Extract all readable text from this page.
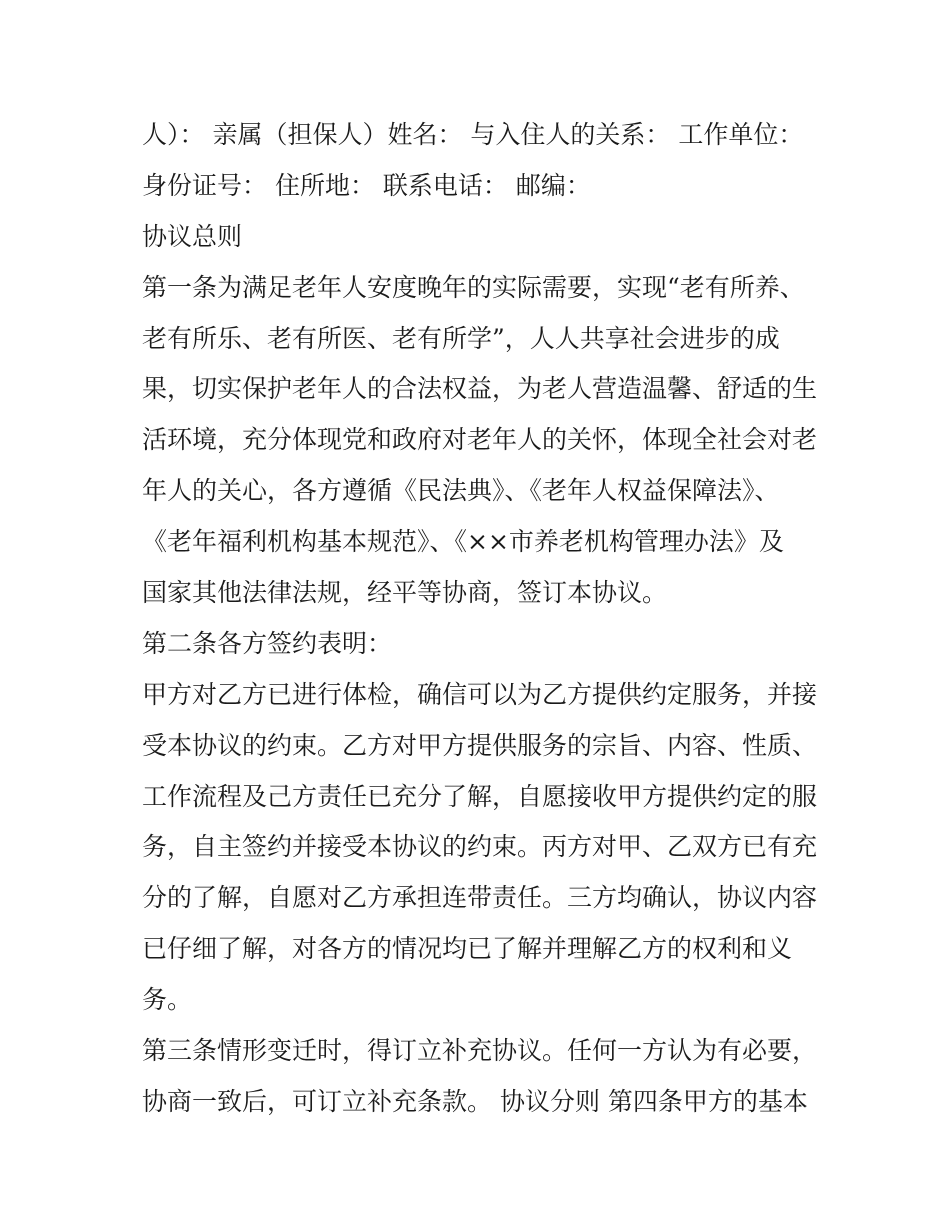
人）： 亲属（担保人）姓名： 与入住人的关系： 工作单位：
身份证号： 住所地： 联系电话： 邮编：
协议总则
第一条为满足老年人安度晚年的实际需要，实现“老有所养、
老有所乐、老有所医、老有所学”，人人共享社会进步的成
果，切实保护老年人的合法权益，为老人营造温馨、舒适的生
活环境，充分体现党和政府对老年人的关怀，体现全社会对老
年人的关心，各方遵循《民法典》、《老年人权益保障法》、
《老年福利机构基本规范》、《××市养老机构管理办法》及
国家其他法律法规，经平等协商，签订本协议。
第二条各方签约表明：
甲方对乙方已进行体检，确信可以为乙方提供约定服务，并接
受本协议的约束。乙方对甲方提供服务的宗旨、内容、性质、
工作流程及己方责任已充分了解，自愿接收甲方提供约定的服
务，自主签约并接受本协议的约束。丙方对甲、乙双方已有充
分的了解，自愿对乙方承担连带责任。三方均确认，协议内容
已仔细了解，对各方的情况均已了解并理解乙方的权利和义
务。
第三条情形变迁时，得订立补充协议。任何一方认为有必要，
协商一致后，可订立补充条款。 协议分则 第四条甲方的基本
